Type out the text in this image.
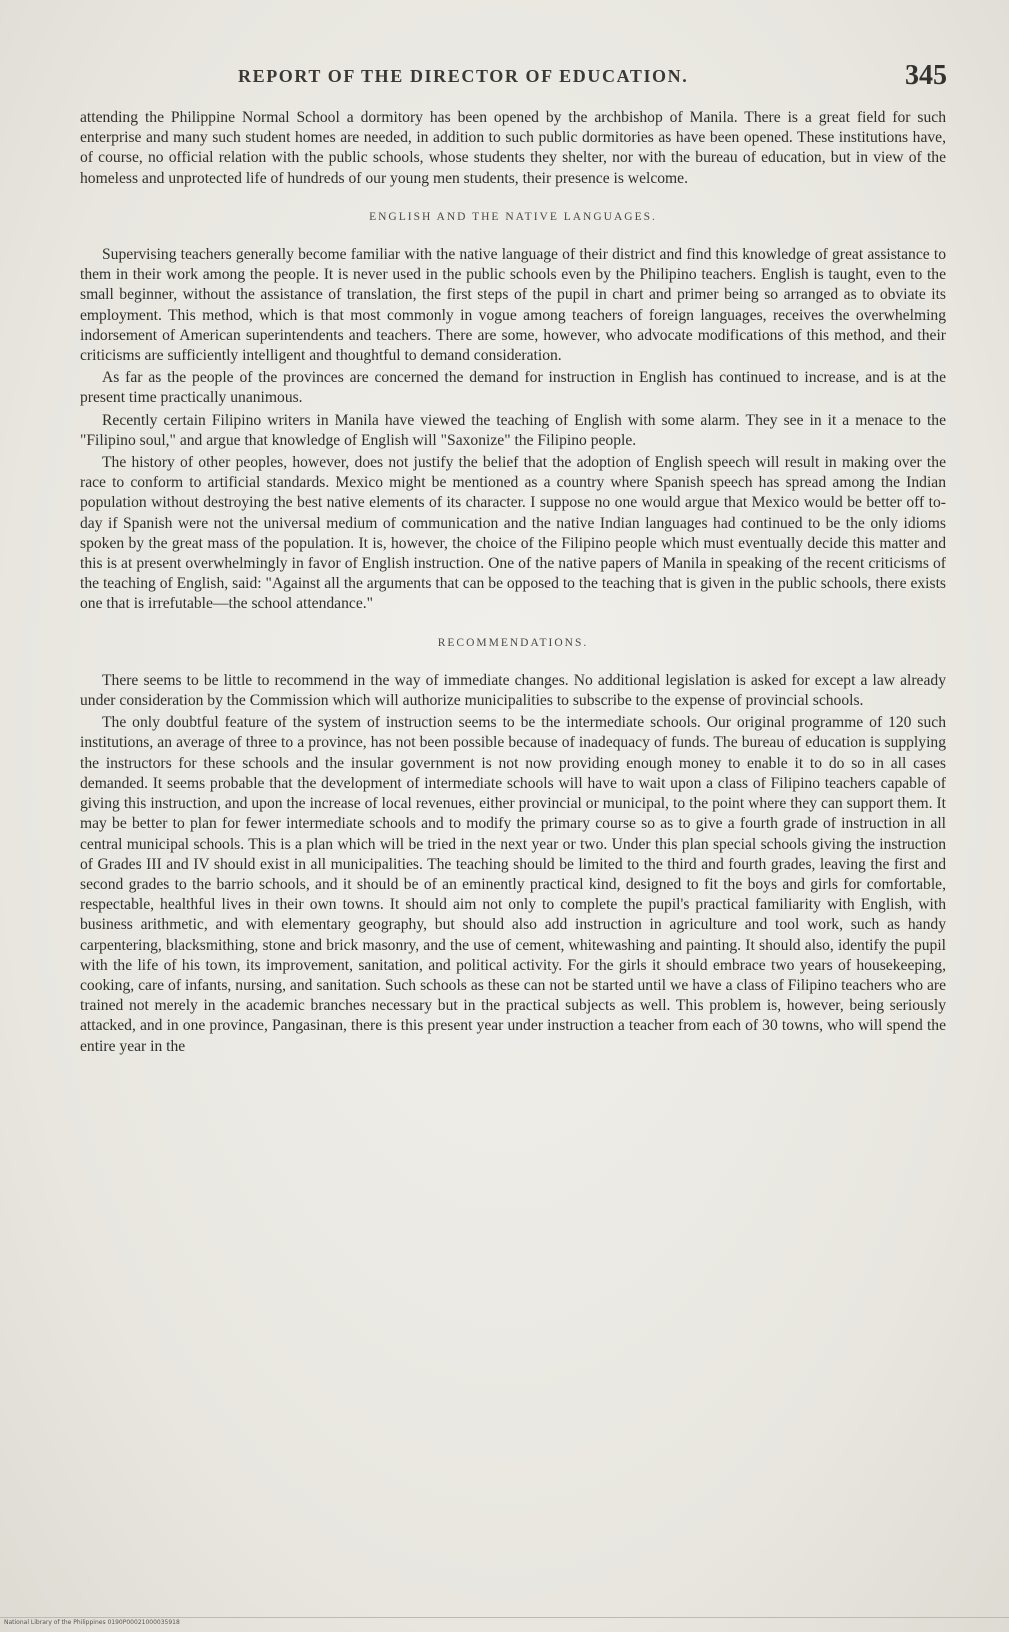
REPORT OF THE DIRECTOR OF EDUCATION.	345

attending the Philippine Normal School a dormitory has been opened by the archbishop of Manila. There is a great field for such enterprise and many such student homes are needed, in addition to such public dormitories as have been opened. These institutions have, of course, no official relation with the public schools, whose students they shelter, nor with the bureau of education, but in view of the homeless and unprotected life of hundreds of our young men students, their presence is welcome.

ENGLISH AND THE NATIVE LANGUAGES.

Supervising teachers generally become familiar with the native language of their district and find this knowledge of great assistance to them in their work among the people. It is never used in the public schools even by the Philipino teachers. English is taught, even to the small beginner, without the assistance of translation, the first steps of the pupil in chart and primer being so arranged as to obviate its employment. This method, which is that most commonly in vogue among teachers of foreign languages, receives the overwhelming indorsement of American superintendents and teachers. There are some, however, who advocate modifications of this method, and their criticisms are sufficiently intelligent and thoughtful to demand consideration.

As far as the people of the provinces are concerned the demand for instruction in English has continued to increase, and is at the present time practically unanimous.

Recently certain Filipino writers in Manila have viewed the teaching of English with some alarm. They see in it a menace to the "Filipino soul," and argue that knowledge of English will "Saxonize" the Filipino people.

The history of other peoples, however, does not justify the belief that the adoption of English speech will result in making over the race to conform to artificial standards. Mexico might be mentioned as a country where Spanish speech has spread among the Indian population without destroying the best native elements of its character. I suppose no one would argue that Mexico would be better off to-day if Spanish were not the universal medium of communication and the native Indian languages had continued to be the only idioms spoken by the great mass of the population. It is, however, the choice of the Filipino people which must eventually decide this matter and this is at present overwhelmingly in favor of English instruction. One of the native papers of Manila in speaking of the recent criticisms of the teaching of English, said: "Against all the arguments that can be opposed to the teaching that is given in the public schools, there exists one that is irrefutable—the school attendance."

RECOMMENDATIONS.

There seems to be little to recommend in the way of immediate changes. No additional legislation is asked for except a law already under consideration by the Commission which will authorize municipalities to subscribe to the expense of provincial schools.

The only doubtful feature of the system of instruction seems to be the intermediate schools. Our original programme of 120 such institutions, an average of three to a province, has not been possible because of inadequacy of funds. The bureau of education is supplying the instructors for these schools and the insular government is not now providing enough money to enable it to do so in all cases demanded. It seems probable that the development of intermediate schools will have to wait upon a class of Filipino teachers capable of giving this instruction, and upon the increase of local revenues, either provincial or municipal, to the point where they can support them. It may be better to plan for fewer intermediate schools and to modify the primary course so as to give a fourth grade of instruction in all central municipal schools. This is a plan which will be tried in the next year or two. Under this plan special schools giving the instruction of Grades III and IV should exist in all municipalities. The teaching should be limited to the third and fourth grades, leaving the first and second grades to the barrio schools, and it should be of an eminently practical kind, designed to fit the boys and girls for comfortable, respectable, healthful lives in their own towns. It should aim not only to complete the pupil's practical familiarity with English, with business arithmetic, and with elementary geography, but should also add instruction in agriculture and tool work, such as handy carpentering, blacksmithing, stone and brick masonry, and the use of cement, whitewashing and painting. It should also, identify the pupil with the life of his town, its improvement, sanitation, and political activity. For the girls it should embrace two years of housekeeping, cooking, care of infants, nursing, and sanitation. Such schools as these can not be started until we have a class of Filipino teachers who are trained not merely in the academic branches necessary but in the practical subjects as well. This problem is, however, being seriously attacked, and in one province, Pangasinan, there is this present year under instruction a teacher from each of 30 towns, who will spend the entire year in the

National Library of the Philippines 0190P00021000035918
